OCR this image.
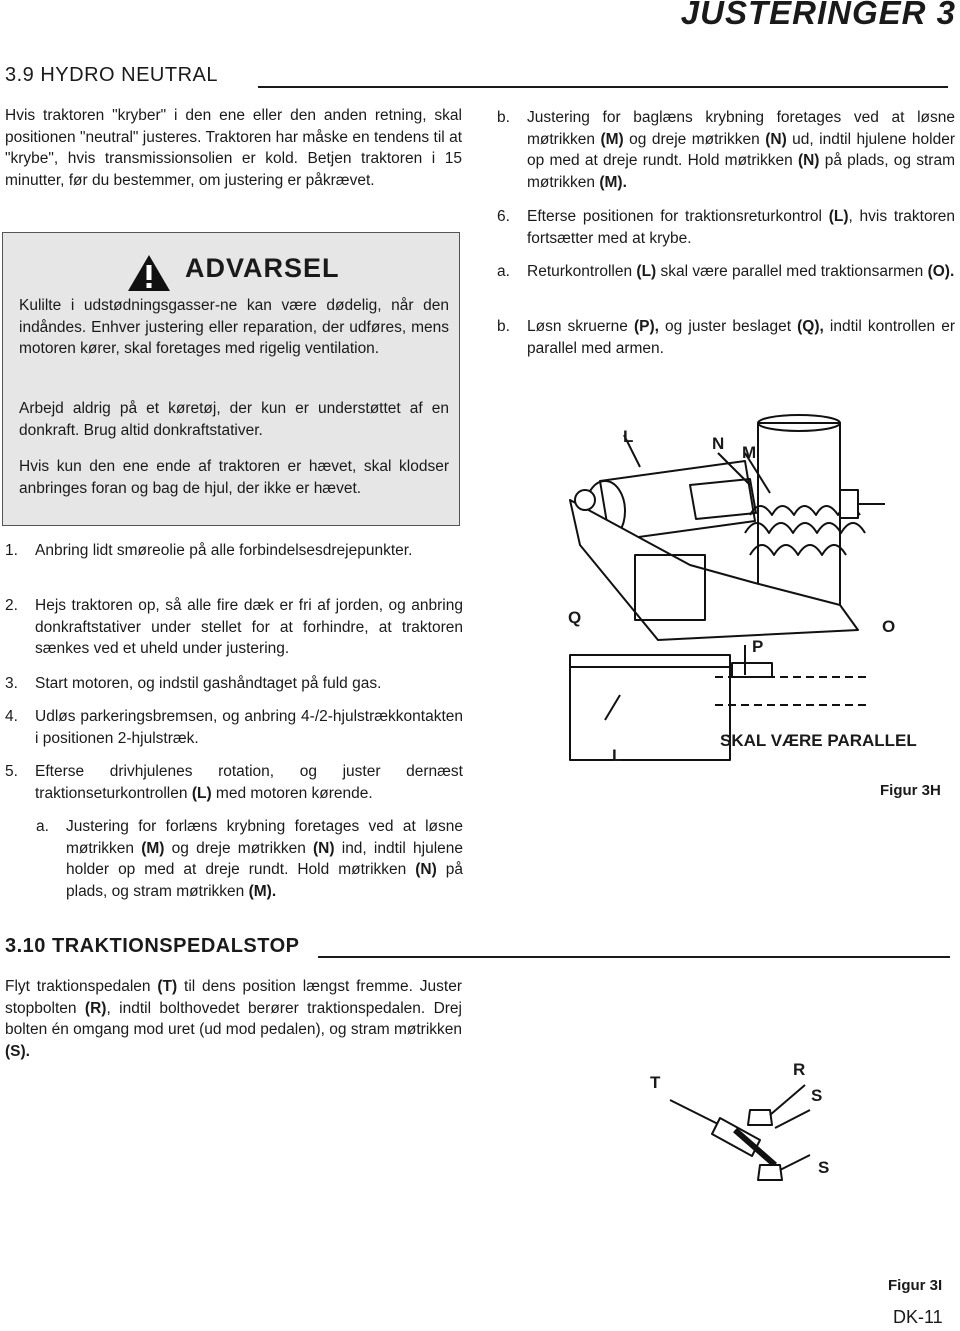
JUSTERINGER 3
3.9 HYDRO NEUTRAL

Hvis traktoren "kryber" i den ene eller den anden retning, skal positionen "neutral" justeres. Traktoren har måske en tendens til at "krybe", hvis transmissionsolien er kold. Betjen traktoren i 15 minutter, før du bestemmer, om justering er påkrævet.

ADVARSEL

Kulilte i udstødningsgasser-ne kan være dødelig, når den indåndes. Enhver justering eller reparation, der udføres, mens motoren kører, skal foretages med rigelig ventilation.

Arbejd aldrig på et køretøj, der kun er understøttet af en donkraft. Brug altid donkraftstativer.

Hvis kun den ene ende af traktoren er hævet, skal klodser anbringes foran og bag de hjul, der ikke er hævet.

1. Anbring lidt smøreolie på alle forbindelsesdrejepunkter.
2. Hejs traktoren op, så alle fire dæk er fri af jorden, og anbring donkraftstativer under stellet for at forhindre, at traktoren sænkes ved et uheld under justering.
3. Start motoren, og indstil gashåndtaget på fuld gas.
4. Udløs parkeringsbremsen, og anbring 4-/2-hjulstrækkontakten i positionen 2-hjulstræk.
5. Efterse drivhjulenes rotation, og juster dernæst traktionseturkontrollen (L) med motoren kørende.
a. Justering for forlæns krybning foretages ved at løsne møtrikken (M) og dreje møtrikken (N) ind, indtil hjulene holder op med at dreje rundt. Hold møtrikken (N) på plads, og stram møtrikken (M).
b. Justering for baglæns krybning foretages ved at løsne møtrikken (M) og dreje møtrikken (N) ud, indtil hjulene holder op med at dreje rundt. Hold møtrikken (N) på plads, og stram møtrikken (M).
6. Efterse positionen for traktionsreturkontrol (L), hvis traktoren fortsætter med at krybe.
a. Returkontrollen (L) skal være parallel med traktionsarmen (O).
b. Løsn skruerne (P), og juster beslaget (Q), indtil kontrollen er parallel med armen.
L	N M
Q	O
P
L
SKAL VÆRE PARALLEL
Figur 3H
3.10 TRAKTIONSPEDALSTOP

Flyt traktionspedalen (T) til dens position længst fremme. Juster stopbolten (R), indtil bolthovedet berører traktionspedalen. Drej bolten én omgang mod uret (ud mod pedalen), og stram møtrikken (S).

T
R
S
S
Figur 3I
DK-11
